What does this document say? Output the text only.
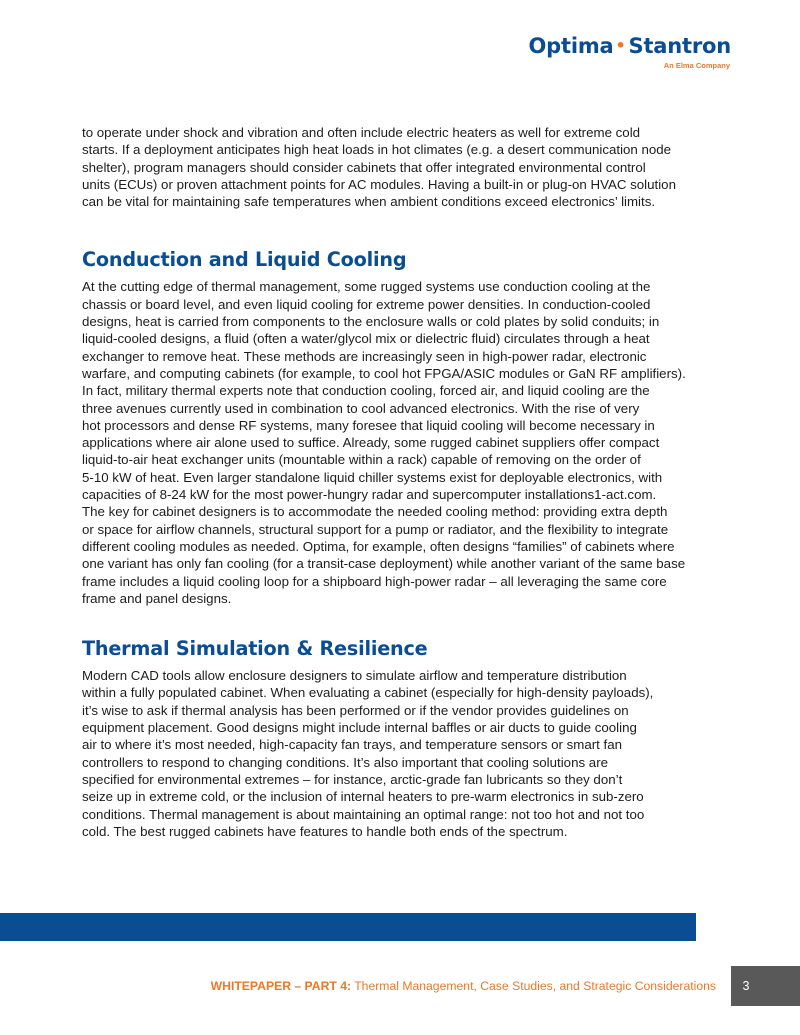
Optima • Stantron
An Elma Company

to operate under shock and vibration and often include electric heaters as well for extreme cold
starts. If a deployment anticipates high heat loads in hot climates (e.g. a desert communication node
shelter), program managers should consider cabinets that offer integrated environmental control
units (ECUs) or proven attachment points for AC modules. Having a built-in or plug-on HVAC solution
can be vital for maintaining safe temperatures when ambient conditions exceed electronics’ limits.

Conduction and Liquid Cooling

At the cutting edge of thermal management, some rugged systems use conduction cooling at the
chassis or board level, and even liquid cooling for extreme power densities. In conduction-cooled
designs, heat is carried from components to the enclosure walls or cold plates by solid conduits; in
liquid-cooled designs, a fluid (often a water/glycol mix or dielectric fluid) circulates through a heat
exchanger to remove heat. These methods are increasingly seen in high-power radar, electronic
warfare, and computing cabinets (for example, to cool hot FPGA/ASIC modules or GaN RF amplifiers).
In fact, military thermal experts note that conduction cooling, forced air, and liquid cooling are the
three avenues currently used in combination to cool advanced electronics. With the rise of very
hot processors and dense RF systems, many foresee that liquid cooling will become necessary in
applications where air alone used to suffice. Already, some rugged cabinet suppliers offer compact
liquid-to-air heat exchanger units (mountable within a rack) capable of removing on the order of
5-10 kW of heat. Even larger standalone liquid chiller systems exist for deployable electronics, with
capacities of 8-24 kW for the most power-hungry radar and supercomputer installations1-act.com.
The key for cabinet designers is to accommodate the needed cooling method: providing extra depth
or space for airflow channels, structural support for a pump or radiator, and the flexibility to integrate
different cooling modules as needed. Optima, for example, often designs “families” of cabinets where
one variant has only fan cooling (for a transit-case deployment) while another variant of the same base
frame includes a liquid cooling loop for a shipboard high-power radar – all leveraging the same core
frame and panel designs.

Thermal Simulation & Resilience

Modern CAD tools allow enclosure designers to simulate airflow and temperature distribution
within a fully populated cabinet. When evaluating a cabinet (especially for high-density payloads),
it’s wise to ask if thermal analysis has been performed or if the vendor provides guidelines on
equipment placement. Good designs might include internal baffles or air ducts to guide cooling
air to where it’s most needed, high-capacity fan trays, and temperature sensors or smart fan
controllers to respond to changing conditions. It’s also important that cooling solutions are
specified for environmental extremes – for instance, arctic-grade fan lubricants so they don’t
seize up in extreme cold, or the inclusion of internal heaters to pre-warm electronics in sub-zero
conditions. Thermal management is about maintaining an optimal range: not too hot and not too
cold. The best rugged cabinets have features to handle both ends of the spectrum.

WHITEPAPER – PART 4: Thermal Management, Case Studies, and Strategic Considerations	3
